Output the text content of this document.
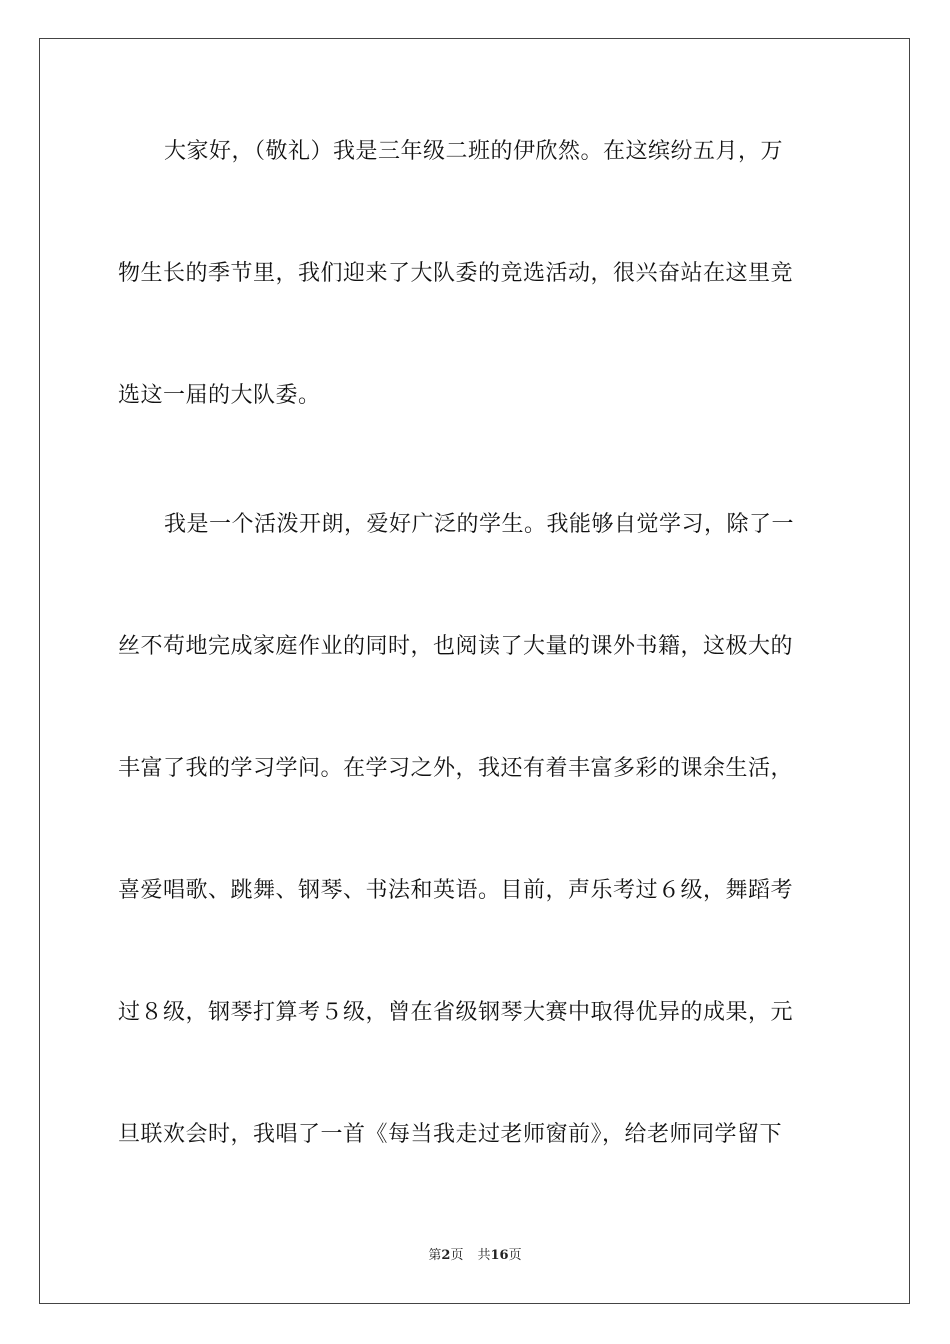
大家好，（敬礼）我是三年级二班的伊欣然。在这缤纷五月，万
物生长的季节里，我们迎来了大队委的竞选活动，很兴奋站在这里竞
选这一届的大队委。
我是一个活泼开朗，爱好广泛的学生。我能够自觉学习，除了一
丝不苟地完成家庭作业的同时，也阅读了大量的课外书籍，这极大的
丰富了我的学习学问。在学习之外，我还有着丰富多彩的课余生活，
喜爱唱歌、跳舞、钢琴、书法和英语。目前，声乐考过６级，舞蹈考
过８级，钢琴打算考５级，曾在省级钢琴大赛中取得优异的成果，元
旦联欢会时，我唱了一首《每当我走过老师窗前》，给老师同学留下
第2页 共16页
